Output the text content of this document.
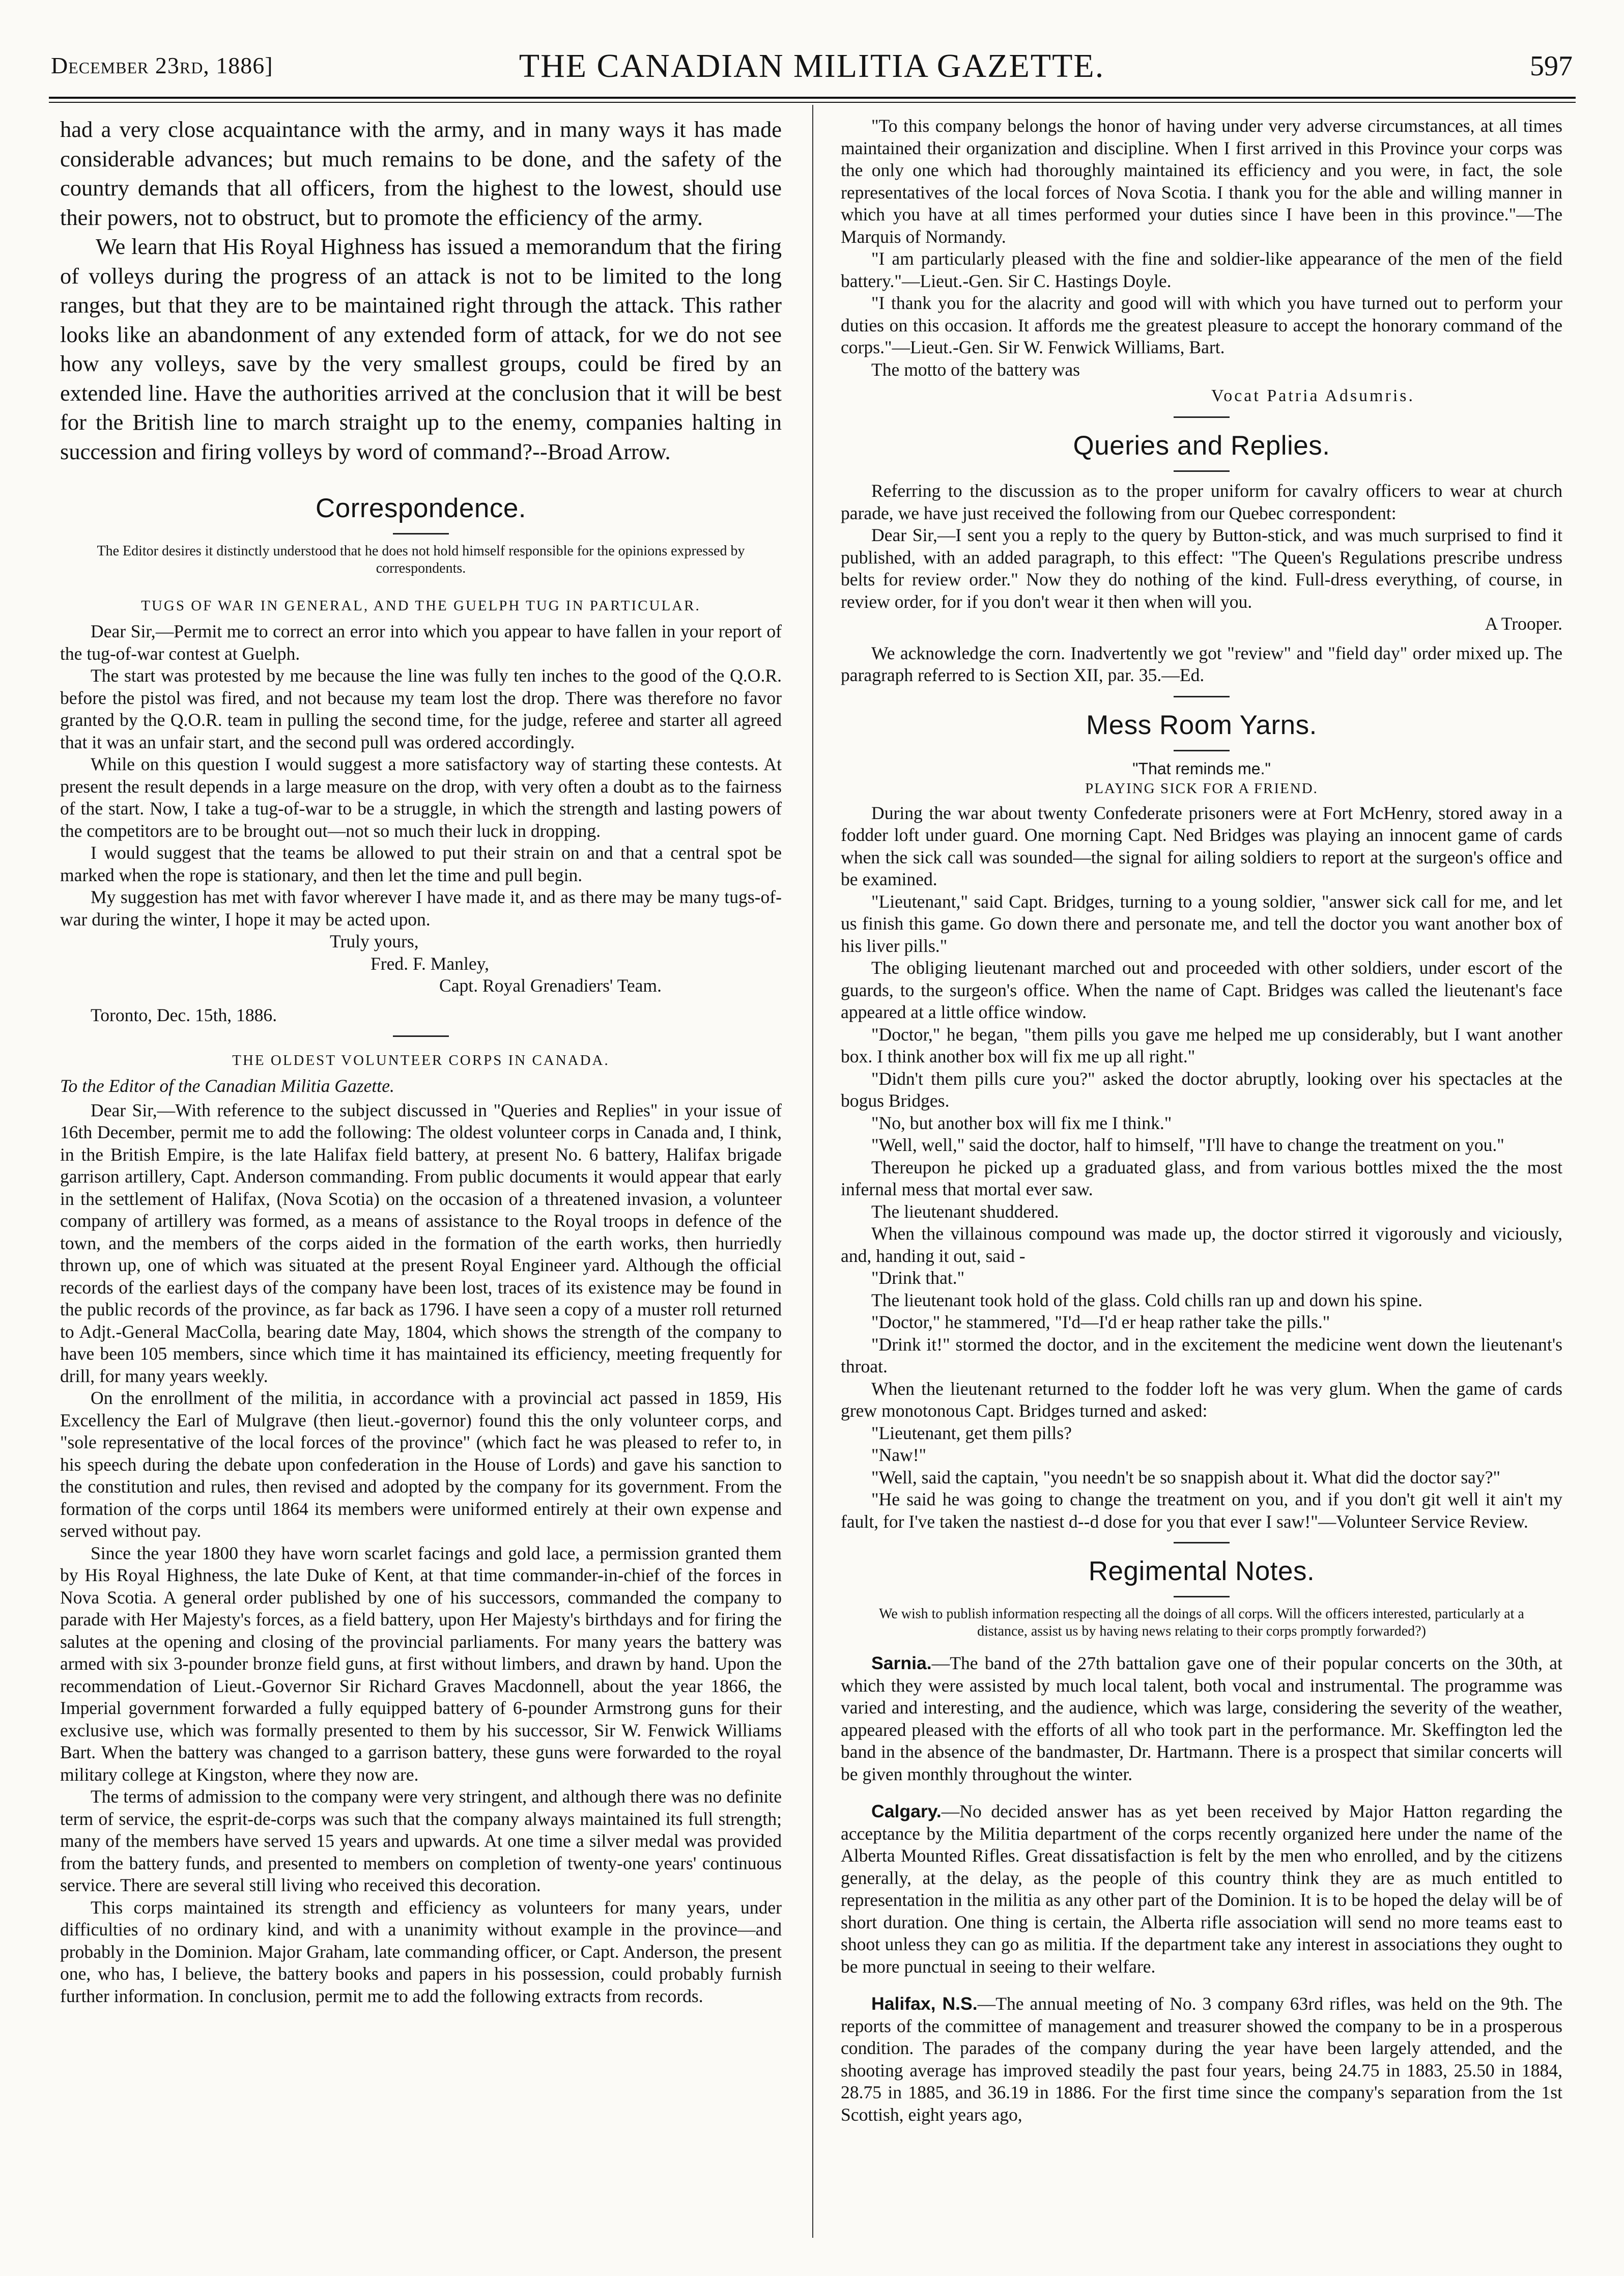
December 23rd, 1886]	THE CANADIAN MILITIA GAZETTE.	597

had a very close acquaintance with the army, and in many ways it has made considerable advances; but much remains to be done, and the safety of the country demands that all officers, from the highest to the lowest, should use their powers, not to obstruct, but to promote the efficiency of the army.

We learn that His Royal Highness has issued a memorandum that the firing of volleys during the progress of an attack is not to be limited to the long ranges, but that they are to be maintained right through the attack. This rather looks like an abandonment of any extended form of attack, for we do not see how any volleys, save by the very smallest groups, could be fired by an extended line. Have the authorities arrived at the conclusion that it will be best for the British line to march straight up to the enemy, companies halting in succession and firing volleys by word of command?--Broad Arrow.

Correspondence.
The Editor desires it distinctly understood that he does not hold himself responsible for the opinions expressed by correspondents.
TUGS OF WAR IN GENERAL, AND THE GUELPH TUG IN PARTICULAR.

Dear Sir,—Permit me to correct an error into which you appear to have fallen in your report of the tug-of-war contest at Guelph.

The start was protested by me because the line was fully ten inches to the good of the Q.O.R. before the pistol was fired, and not because my team lost the drop. There was therefore no favor granted by the Q.O.R. team in pulling the second time, for the judge, referee and starter all agreed that it was an unfair start, and the second pull was ordered accordingly.

While on this question I would suggest a more satisfactory way of starting these contests. At present the result depends in a large measure on the drop, with very often a doubt as to the fairness of the start. Now, I take a tug-of-war to be a struggle, in which the strength and lasting powers of the competitors are to be brought out—not so much their luck in dropping.

I would suggest that the teams be allowed to put their strain on and that a central spot be marked when the rope is stationary, and then let the time and pull begin.

My suggestion has met with favor wherever I have made it, and as there may be many tugs-of-war during the winter, I hope it may be acted upon.

Truly yours,
Fred. F. Manley,
Capt. Royal Grenadiers' Team.
Toronto, Dec. 15th, 1886.
THE OLDEST VOLUNTEER CORPS IN CANADA.
To the Editor of the Canadian Militia Gazette.

Dear Sir,—With reference to the subject discussed in "Queries and Replies" in your issue of 16th December, permit me to add the following: The oldest volunteer corps in Canada and, I think, in the British Empire, is the late Halifax field battery, at present No. 6 battery, Halifax brigade garrison artillery, Capt. Anderson commanding. From public documents it would appear that early in the settlement of Halifax, (Nova Scotia) on the occasion of a threatened invasion, a volunteer company of artillery was formed, as a means of assistance to the Royal troops in defence of the town, and the members of the corps aided in the formation of the earth works, then hurriedly thrown up, one of which was situated at the present Royal Engineer yard. Although the official records of the earliest days of the company have been lost, traces of its existence may be found in the public records of the province, as far back as 1796. I have seen a copy of a muster roll returned to Adjt.-General MacColla, bearing date May, 1804, which shows the strength of the company to have been 105 members, since which time it has maintained its efficiency, meeting frequently for drill, for many years weekly.

On the enrollment of the militia, in accordance with a provincial act passed in 1859, His Excellency the Earl of Mulgrave (then lieut.-governor) found this the only volunteer corps, and "sole representative of the local forces of the province" (which fact he was pleased to refer to, in his speech during the debate upon confederation in the House of Lords) and gave his sanction to the constitution and rules, then revised and adopted by the company for its government. From the formation of the corps until 1864 its members were uniformed entirely at their own expense and served without pay.

Since the year 1800 they have worn scarlet facings and gold lace, a permission granted them by His Royal Highness, the late Duke of Kent, at that time commander-in-chief of the forces in Nova Scotia. A general order published by one of his successors, commanded the company to parade with Her Majesty's forces, as a field battery, upon Her Majesty's birthdays and for firing the salutes at the opening and closing of the provincial parliaments. For many years the battery was armed with six 3-pounder bronze field guns, at first without limbers, and drawn by hand. Upon the recommendation of Lieut.-Governor Sir Richard Graves Macdonnell, about the year 1866, the Imperial government forwarded a fully equipped battery of 6-pounder Armstrong guns for their exclusive use, which was formally presented to them by his successor, Sir W. Fenwick Williams Bart. When the battery was changed to a garrison battery, these guns were forwarded to the royal military college at Kingston, where they now are.

The terms of admission to the company were very stringent, and although there was no definite term of service, the esprit-de-corps was such that the company always maintained its full strength; many of the members have served 15 years and upwards. At one time a silver medal was provided from the battery funds, and presented to members on completion of twenty-one years' continuous service. There are several still living who received this decoration.

This corps maintained its strength and efficiency as volunteers for many years, under difficulties of no ordinary kind, and with a unanimity without example in the province—and probably in the Dominion. Major Graham, late commanding officer, or Capt. Anderson, the present one, who has, I believe, the battery books and papers in his possession, could probably furnish further information. In conclusion, permit me to add the following extracts from records.

"To this company belongs the honor of having under very adverse circumstances, at all times maintained their organization and discipline. When I first arrived in this Province your corps was the only one which had thoroughly maintained its efficiency and you were, in fact, the sole representatives of the local forces of Nova Scotia. I thank you for the able and willing manner in which you have at all times performed your duties since I have been in this province."—The Marquis of Normandy.

"I am particularly pleased with the fine and soldier-like appearance of the men of the field battery."—Lieut.-Gen. Sir C. Hastings Doyle.

"I thank you for the alacrity and good will with which you have turned out to perform your duties on this occasion. It affords me the greatest pleasure to accept the honorary command of the corps."—Lieut.-Gen. Sir W. Fenwick Williams, Bart.

The motto of the battery was

Vocat Patria Adsumris.
Queries and Replies.

Referring to the discussion as to the proper uniform for cavalry officers to wear at church parade, we have just received the following from our Quebec correspondent:

Dear Sir,—I sent you a reply to the query by Button-stick, and was much surprised to find it published, with an added paragraph, to this effect: "The Queen's Regulations prescribe undress belts for review order." Now they do nothing of the kind. Full-dress everything, of course, in review order, for if you don't wear it then when will you.

A Trooper.

We acknowledge the corn. Inadvertently we got "review" and "field day" order mixed up. The paragraph referred to is Section XII, par. 35.—Ed.

Mess Room Yarns.
"That reminds me."
PLAYING SICK FOR A FRIEND.

During the war about twenty Confederate prisoners were at Fort McHenry, stored away in a fodder loft under guard. One morning Capt. Ned Bridges was playing an innocent game of cards when the sick call was sounded—the signal for ailing soldiers to report at the surgeon's office and be examined.

"Lieutenant," said Capt. Bridges, turning to a young soldier, "answer sick call for me, and let us finish this game. Go down there and personate me, and tell the doctor you want another box of his liver pills."

The obliging lieutenant marched out and proceeded with other soldiers, under escort of the guards, to the surgeon's office. When the name of Capt. Bridges was called the lieutenant's face appeared at a little office window.

"Doctor," he began, "them pills you gave me helped me up considerably, but I want another box. I think another box will fix me up all right."

"Didn't them pills cure you?" asked the doctor abruptly, looking over his spectacles at the bogus Bridges.

"No, but another box will fix me I think."

"Well, well," said the doctor, half to himself, "I'll have to change the treatment on you."

Thereupon he picked up a graduated glass, and from various bottles mixed the the most infernal mess that mortal ever saw.

The lieutenant shuddered.

When the villainous compound was made up, the doctor stirred it vigorously and viciously, and, handing it out, said -

"Drink that."

The lieutenant took hold of the glass. Cold chills ran up and down his spine.

"Doctor," he stammered, "I'd—I'd er heap rather take the pills."

"Drink it!" stormed the doctor, and in the excitement the medicine went down the lieutenant's throat.

When the lieutenant returned to the fodder loft he was very glum. When the game of cards grew monotonous Capt. Bridges turned and asked:

"Lieutenant, get them pills?

"Naw!"

"Well, said the captain, "you needn't be so snappish about it. What did the doctor say?"

"He said he was going to change the treatment on you, and if you don't git well it ain't my fault, for I've taken the nastiest d--d dose for you that ever I saw!"—Volunteer Service Review.

Regimental Notes.
We wish to publish information respecting all the doings of all corps. Will the officers interested, particularly at a distance, assist us by having news relating to their corps promptly forwarded?)

Sarnia.—The band of the 27th battalion gave one of their popular concerts on the 30th, at which they were assisted by much local talent, both vocal and instrumental. The programme was varied and interesting, and the audience, which was large, considering the severity of the weather, appeared pleased with the efforts of all who took part in the performance. Mr. Skeffington led the band in the absence of the bandmaster, Dr. Hartmann. There is a prospect that similar concerts will be given monthly throughout the winter.

Calgary.—No decided answer has as yet been received by Major Hatton regarding the acceptance by the Militia department of the corps recently organized here under the name of the Alberta Mounted Rifles. Great dissatisfaction is felt by the men who enrolled, and by the citizens generally, at the delay, as the people of this country think they are as much entitled to representation in the militia as any other part of the Dominion. It is to be hoped the delay will be of short duration. One thing is certain, the Alberta rifle association will send no more teams east to shoot unless they can go as militia. If the department take any interest in associations they ought to be more punctual in seeing to their welfare.

Halifax, N.S.—The annual meeting of No. 3 company 63rd rifles, was held on the 9th. The reports of the committee of management and treasurer showed the company to be in a prosperous condition. The parades of the company during the year have been largely attended, and the shooting average has improved steadily the past four years, being 24.75 in 1883, 25.50 in 1884, 28.75 in 1885, and 36.19 in 1886. For the first time since the company's separation from the 1st Scottish, eight years ago,
